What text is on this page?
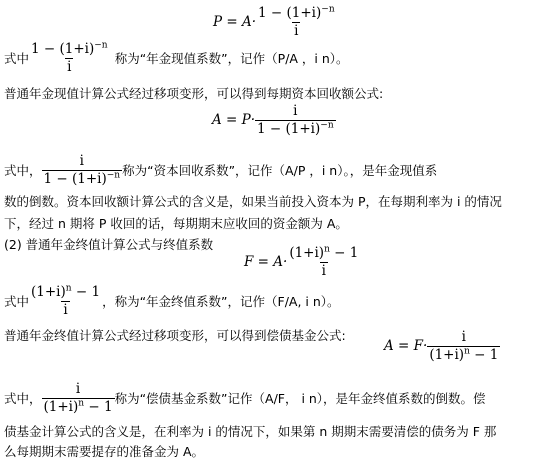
$P = A\cdot \frac{1 - (1+i)^{-n}}{i}$
式中 $\frac{1 - (1+i)^{-n}}{i}$ 称为“年金现值系数”，记作（P/A ，i n）。
普通年金现值计算公式经过移项变形，可以得到每期资本回收额公式:
$A = P\cdot \frac{i}{1 - (1+i)^{-n}}$
式中， $\frac{i}{1 - (1+i)^{-n}}$ 称为“资本回收系数”，记作（A/P ，i n）。，是年金现值系
数的倒数。资本回收额计算公式的含义是，如果当前投入资本为 P，在每期利率为 i 的情况
下，经过 n 期将 P 收回的话，每期期末应收回的资金额为 A。
(2) 普通年金终值计算公式与终值系数
$F = A\cdot \frac{(1+i)^n - 1}{i}$
式中 $\frac{(1+i)^n - 1}{i}$ ，称为“年金终值系数”，记作（F/A, i n）。
普通年金终值计算公式经过移项变形，可以得到偿债基金公式:
$A = F\cdot \frac{i}{(1+i)^n - 1}$
式中， $\frac{i}{(1+i)^n - 1}$ 称为“偿债基金系数”记作（A/F， i n），是年金终值系数的倒数。偿
债基金计算公式的含义是，在利率为 i 的情况下，如果第 n 期期末需要清偿的债务为 F 那
么每期期末需要提存的准备金为 A。
